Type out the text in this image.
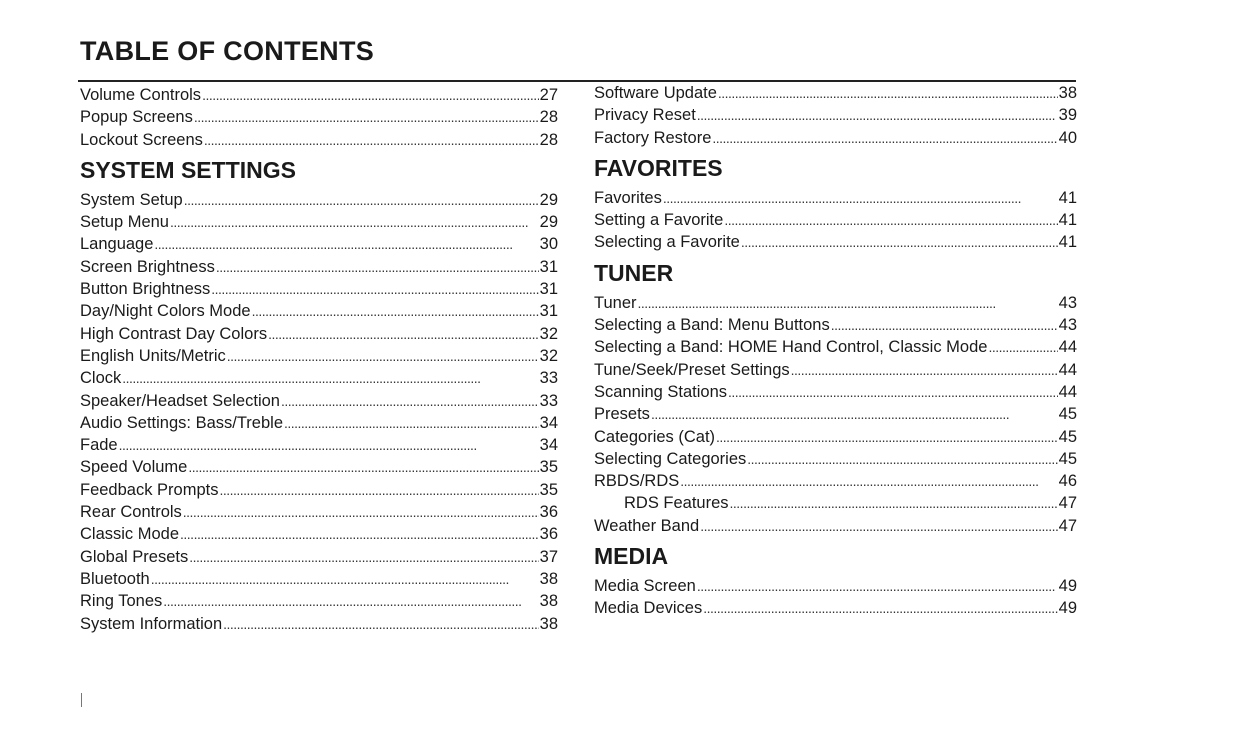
TABLE OF CONTENTS
Volume Controls . . .	27
Popup Screens . . .	28
Lockout Screens . . .	28
SYSTEM SETTINGS
System Setup . . .	29
Setup Menu . . .	29
Language . . .	30
Screen Brightness . . .	31
Button Brightness . . .	31
Day/Night Colors Mode . . .	31
High Contrast Day Colors . . .	32
English Units/Metric . . .	32
Clock . . .	33
Speaker/Headset Selection . . .	33
Audio Settings: Bass/Treble . . .	34
Fade . . .	34
Speed Volume . . .	35
Feedback Prompts . . .	35
Rear Controls . . .	36
Classic Mode . . .	36
Global Presets . . .	37
Bluetooth . . .	38
Ring Tones . . .	38
System Information . . .	38
Software Update . . .	38
Privacy Reset . . .	39
Factory Restore . . .	40
FAVORITES
Favorites . . .	41
Setting a Favorite . . .	41
Selecting a Favorite . . .	41
TUNER
Tuner . . .	43
Selecting a Band: Menu Buttons . . .	43
Selecting a Band: HOME Hand Control, Classic Mode . . .	44
Tune/Seek/Preset Settings . . .	44
Scanning Stations . . .	44
Presets . . .	45
Categories (Cat) . . .	45
Selecting Categories . . .	45
RBDS/RDS . . .	46
RDS Features . . .	47
Weather Band . . .	47
MEDIA
Media Screen . . .	49
Media Devices . . .	49
